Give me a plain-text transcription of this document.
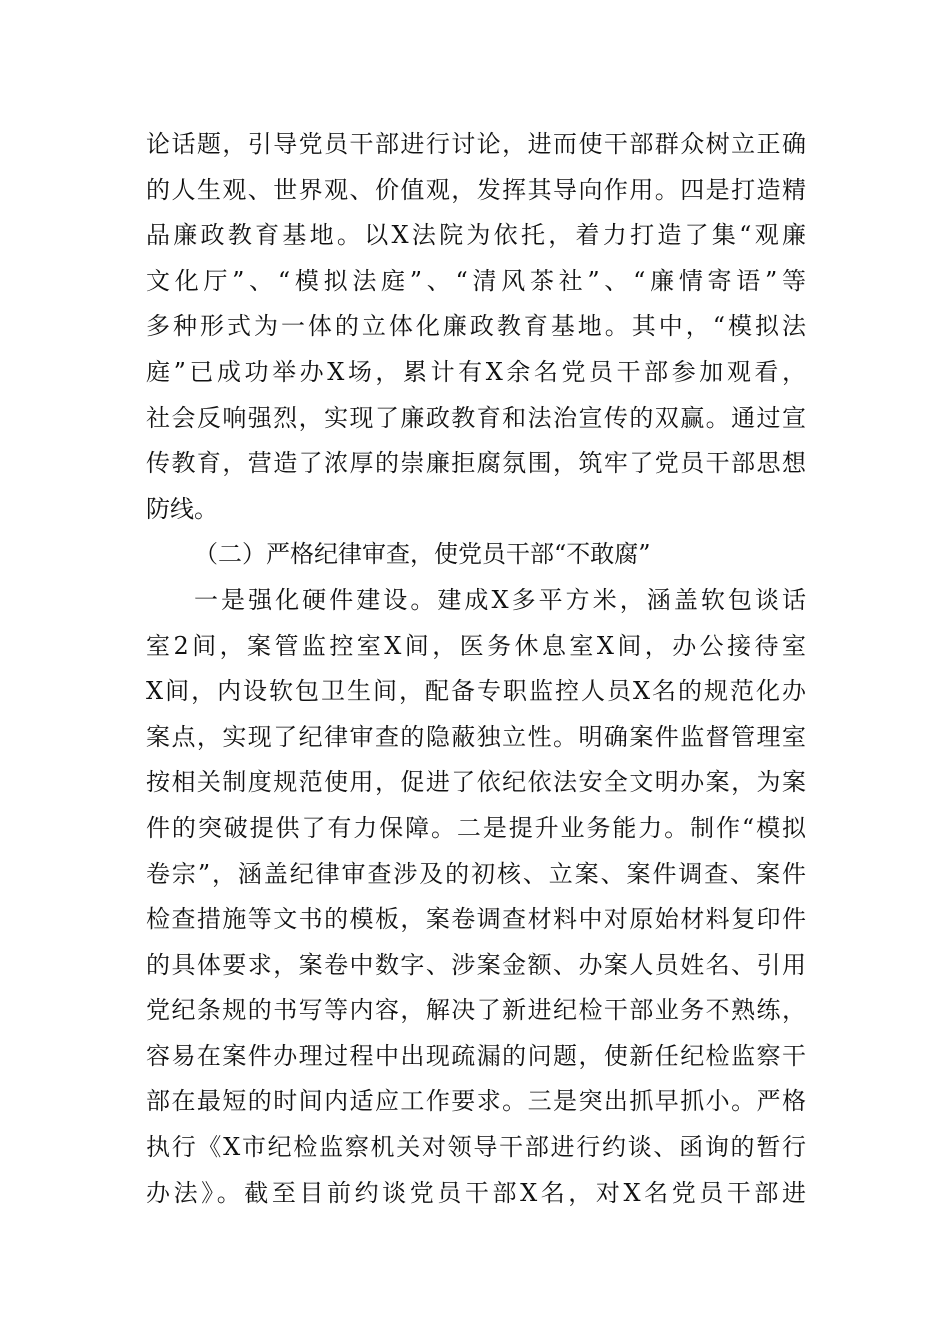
论话题，引导党员干部进行讨论，进而使干部群众树立正确
的人生观、世界观、价值观，发挥其导向作用。四是打造精
品廉政教育基地。以X法院为依托，着力打造了集“观廉
文化厅”、“模拟法庭”、“清风茶社”、“廉情寄语”等
多种形式为一体的立体化廉政教育基地。其中，“模拟法
庭”已成功举办X场，累计有X余名党员干部参加观看，
社会反响强烈，实现了廉政教育和法治宣传的双赢。通过宣
传教育，营造了浓厚的崇廉拒腐氛围，筑牢了党员干部思想
防线。
（二）严格纪律审查，使党员干部“不敢腐”
一是强化硬件建设。建成X多平方米，涵盖软包谈话
室2间，案管监控室X间，医务休息室X间，办公接待室
X间，内设软包卫生间，配备专职监控人员X名的规范化办
案点，实现了纪律审查的隐蔽独立性。明确案件监督管理室
按相关制度规范使用，促进了依纪依法安全文明办案，为案
件的突破提供了有力保障。二是提升业务能力。制作“模拟
卷宗”，涵盖纪律审查涉及的初核、立案、案件调查、案件
检查措施等文书的模板，案卷调查材料中对原始材料复印件
的具体要求，案卷中数字、涉案金额、办案人员姓名、引用
党纪条规的书写等内容，解决了新进纪检干部业务不熟练，
容易在案件办理过程中出现疏漏的问题，使新任纪检监察干
部在最短的时间内适应工作要求。三是突出抓早抓小。严格
执行《X市纪检监察机关对领导干部进行约谈、函询的暂行
办法》。截至目前约谈党员干部X名，对X名党员干部进
